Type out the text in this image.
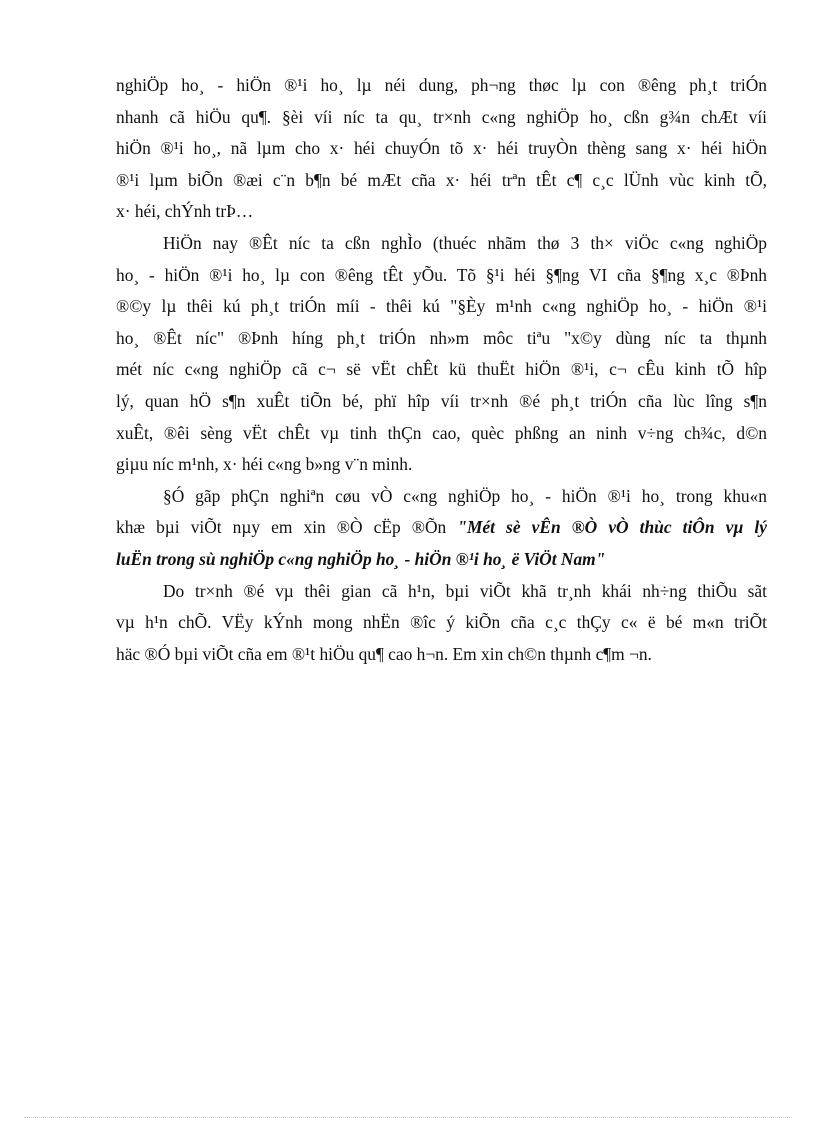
nghiÖp ho¸ - hiÖn ®¹i ho¸ lµ néi dung, ph¬ng thøc lµ con ®êng ph¸t triÓn
nhanh cã hiÖu qu¶. §èi víi níc ta qu¸ tr×nh c«ng nghiÖp ho¸ cßn g¾n chÆt víi
hiÖn ®¹i ho¸, nã lµm cho x· héi chuyÓn tõ x· héi truyÒn thèng sang x· héi hiÖn
®¹i lµm biÕn ®æi c¨n b¶n bé mÆt cña x· héi trªn tÊt c¶ c¸c lÜnh vùc kinh tÕ,
x· héi, chÝnh trÞ…
HiÖn nay ®Êt níc ta cßn nghÌo (thuéc nhãm thø 3 th× viÖc c«ng nghiÖp
ho¸ - hiÖn ®¹i ho¸ lµ con ®êng tÊt yÕu. Tõ §¹i héi §¶ng VI cña §¶ng x¸c ®Þnh
®©y lµ thêi kú ph¸t triÓn míi - thêi kú "§Èy m¹nh c«ng nghiÖp ho¸ - hiÖn ®¹i
ho¸ ®Êt níc" ®Þnh híng ph¸t triÓn nh»m môc tiªu "x©y dùng níc ta thµnh
mét níc c«ng nghiÖp cã c¬ së vËt chÊt kü thuËt hiÖn ®¹i, c¬ cÊu kinh tÕ hîp
lý, quan hÖ s¶n xuÊt tiÕn bé, phï hîp víi tr×nh ®é ph¸t triÓn cña lùc lîng s¶n
xuÊt, ®êi sèng vËt chÊt vµ tinh thÇn cao, quèc phßng an ninh v÷ng ch¾c, d©n
giµu níc m¹nh, x· héi c«ng b»ng v¨n minh.
§Ó gãp phÇn nghiªn cøu vÒ c«ng nghiÖp ho¸ - hiÖn ®¹i ho¸ trong khu«n
khæ bµi viÕt nµy em xin ®Ò cËp ®Õn "Mét sè vÊn ®Ò vÒ thùc tiÔn vµ lý
luËn trong sù nghiÖp c«ng nghiÖp ho¸ - hiÖn ®¹i ho¸ ë ViÖt Nam"
Do tr×nh ®é vµ thêi gian cã h¹n, bµi viÕt khã tr¸nh khái nh÷ng thiÕu sãt
vµ h¹n chÕ. VËy kÝnh mong nhËn ®îc ý kiÕn cña c¸c thÇy c« ë bé m«n triÕt
häc ®Ó bµi viÕt cña em ®¹t hiÖu qu¶ cao h¬n. Em xin ch©n thµnh c¶m ¬n.
